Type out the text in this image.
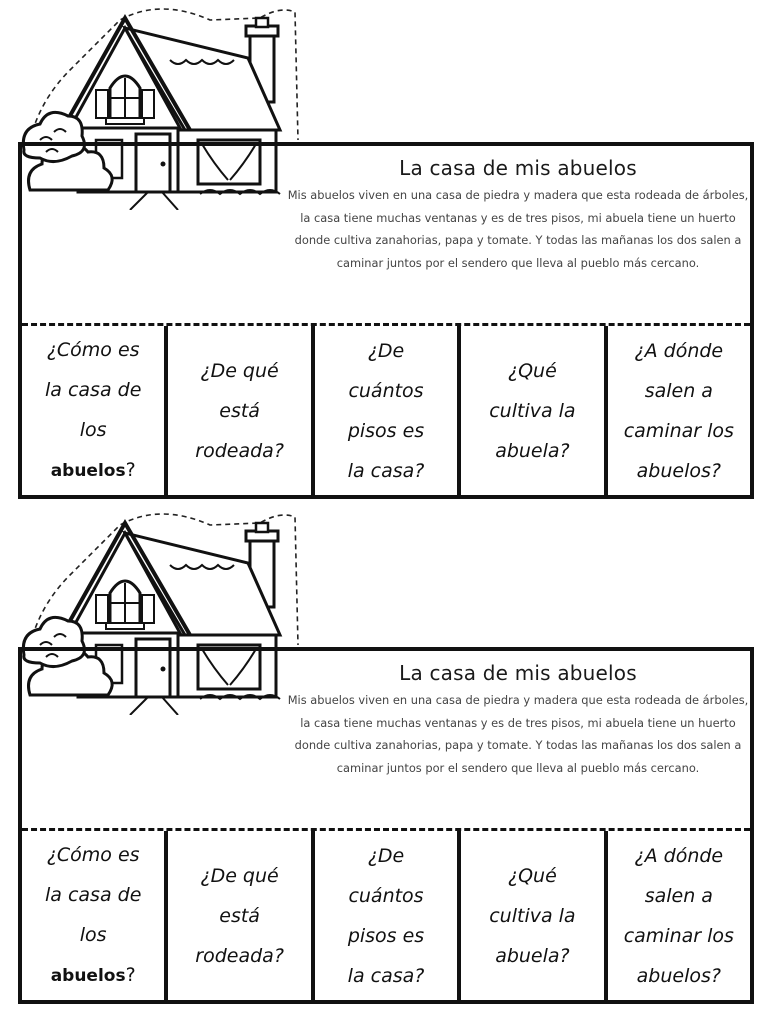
La casa de mis abuelos

Mis abuelos viven en una casa de piedra y madera que esta rodeada de árboles, la casa tiene muchas ventanas y es de tres pisos, mi abuela tiene un huerto donde cultiva zanahorias, papa y tomate. Y todas las mañanas los dos salen a caminar juntos por el sendero que lleva al pueblo más cercano.

¿Cómo es
la casa de
los
abuelos?
¿De qué
está
rodeada?
¿De
cuántos
pisos es
la casa?
¿Qué
cultiva la
abuela?
¿A dónde
salen a
caminar los
abuelos?
La casa de mis abuelos

Mis abuelos viven en una casa de piedra y madera que esta rodeada de árboles, la casa tiene muchas ventanas y es de tres pisos, mi abuela tiene un huerto donde cultiva zanahorias, papa y tomate. Y todas las mañanas los dos salen a caminar juntos por el sendero que lleva al pueblo más cercano.

¿Cómo es
la casa de
los
abuelos?
¿De qué
está
rodeada?
¿De
cuántos
pisos es
la casa?
¿Qué
cultiva la
abuela?
¿A dónde
salen a
caminar los
abuelos?
